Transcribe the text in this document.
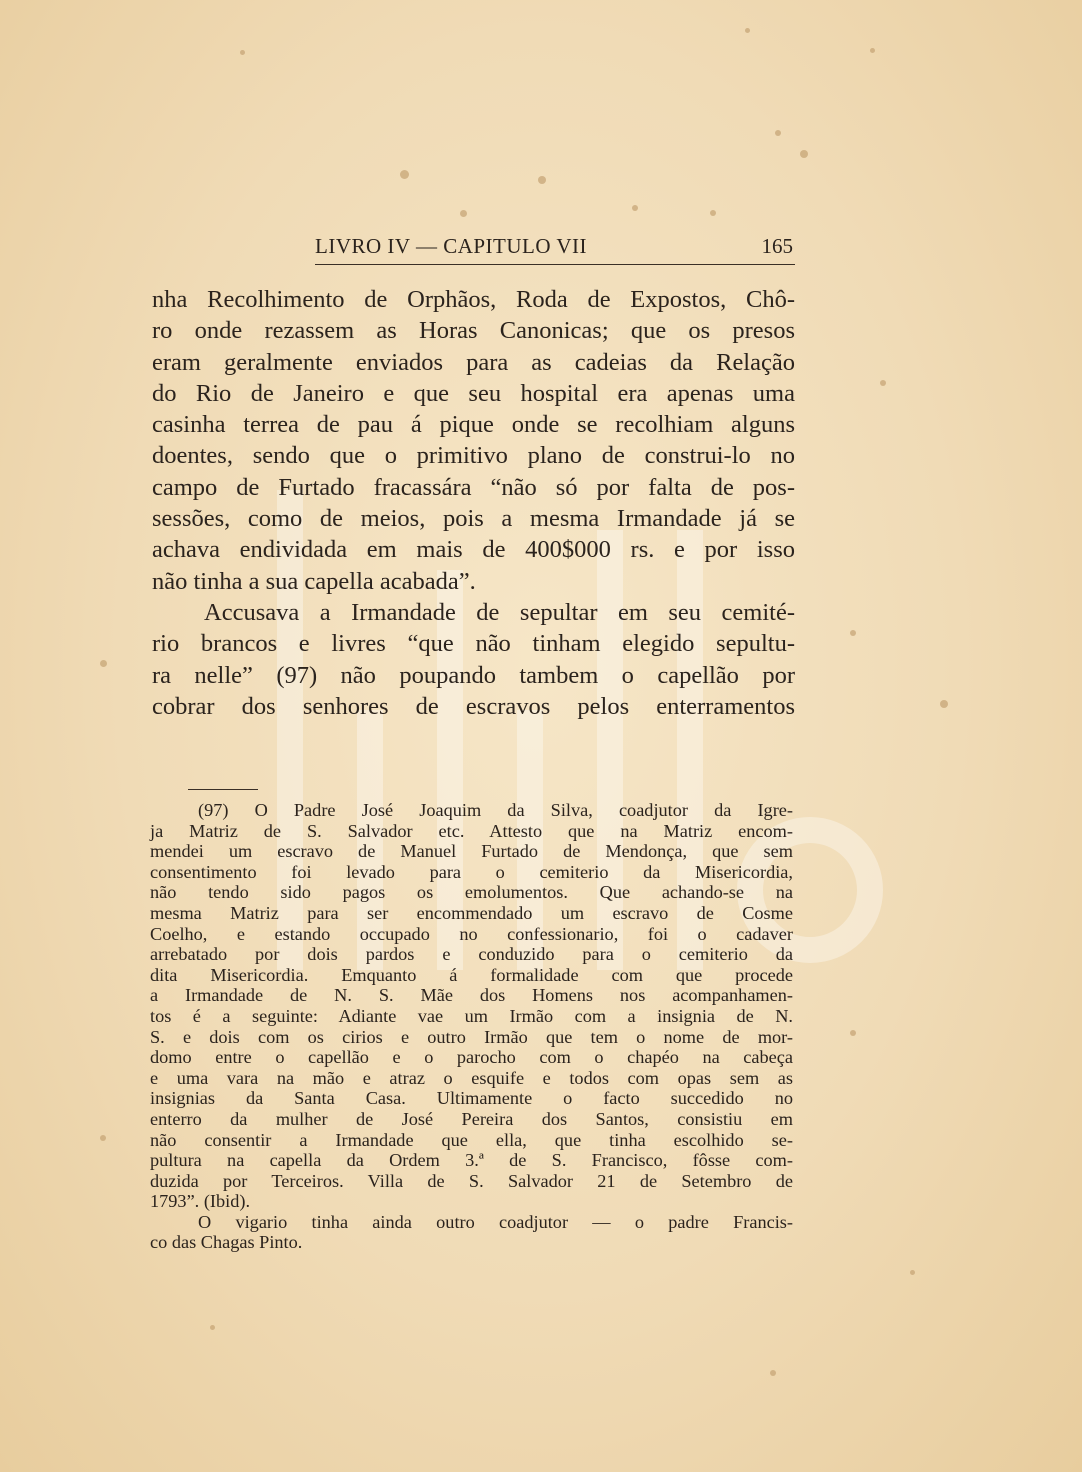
LIVRO IV — CAPITULO VII	165
nha Recolhimento de Orphãos, Roda de Expostos, Chô-
ro onde rezassem as Horas Canonicas; que os presos
eram geralmente enviados para as cadeias da Relação
do Rio de Janeiro e que seu hospital era apenas uma
casinha terrea de pau á pique onde se recolhiam alguns
doentes, sendo que o primitivo plano de construi-lo no
campo de Furtado fracassára “não só por falta de pos-
sessões, como de meios, pois a mesma Irmandade já se
achava endividada em mais de 400$000 rs. e por isso
não tinha a sua capella acabada”.
Accusava a Irmandade de sepultar em seu cemité-
rio brancos e livres “que não tinham elegido sepultu-
ra nelle” (97) não poupando tambem o capellão por
cobrar dos senhores de escravos pelos enterramentos
(97) O Padre José Joaquim da Silva, coadjutor da Igre-
ja Matriz de S. Salvador etc. Attesto que na Matriz encom-
mendei um escravo de Manuel Furtado de Mendonça, que sem
consentimento foi levado para o cemiterio da Misericordia,
não tendo sido pagos os emolumentos. Que achando-se na
mesma Matriz para ser encommendado um escravo de Cosme
Coelho, e estando occupado no confessionario, foi o cadaver
arrebatado por dois pardos e conduzido para o cemiterio da
dita Misericordia. Emquanto á formalidade com que procede
a Irmandade de N. S. Mãe dos Homens nos acompanhamen-
tos é a seguinte: Adiante vae um Irmão com a insignia de N.
S. e dois com os cirios e outro Irmão que tem o nome de mor-
domo entre o capellão e o parocho com o chapéo na cabeça
e uma vara na mão e atraz o esquife e todos com opas sem as
insignias da Santa Casa. Ultimamente o facto succedido no
enterro da mulher de José Pereira dos Santos, consistiu em
não consentir a Irmandade que ella, que tinha escolhido se-
pultura na capella da Ordem 3.ª de S. Francisco, fôsse com-
duzida por Terceiros. Villa de S. Salvador 21 de Setembro de
1793”. (Ibid).
O vigario tinha ainda outro coadjutor — o padre Francis-
co das Chagas Pinto.
